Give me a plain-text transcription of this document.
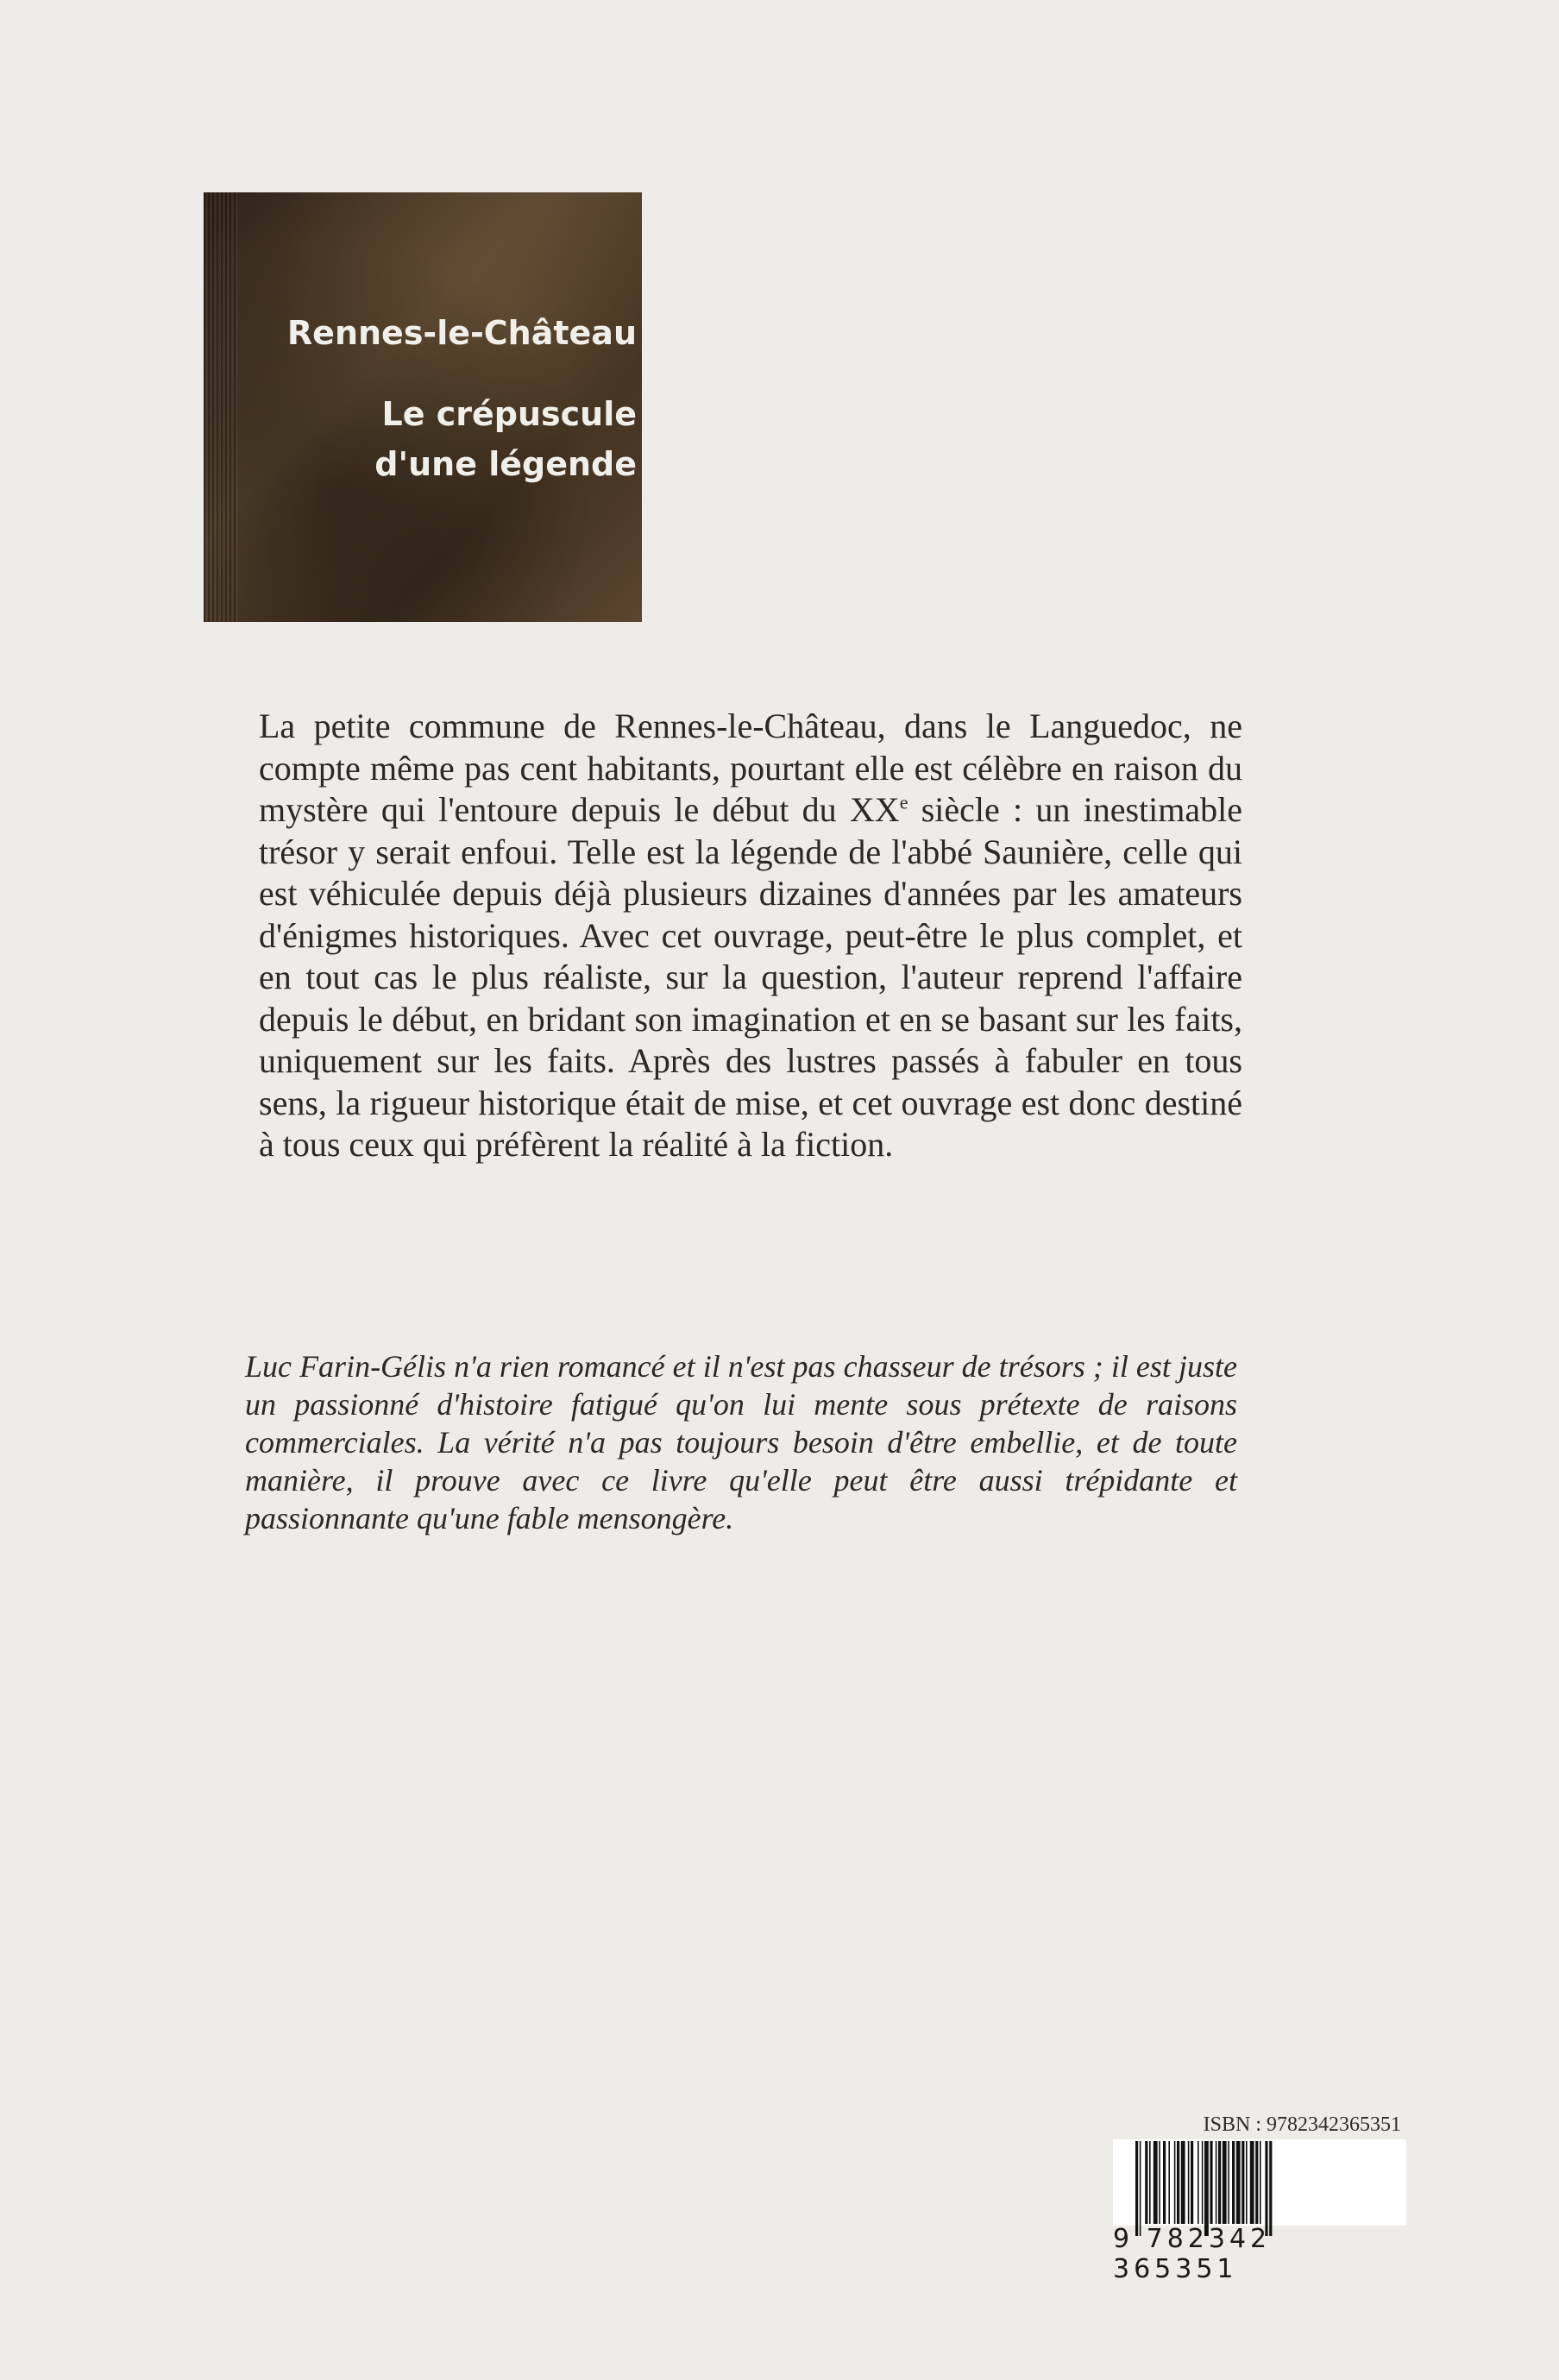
Rennes-le-Château

Le crépuscule
d'une légende

La petite commune de Rennes-le-Château, dans le Languedoc, ne compte même pas cent habitants, pourtant elle est célèbre en raison du mystère qui l'entoure depuis le début du XXe siècle : un inestimable trésor y serait enfoui. Telle est la légende de l'abbé Saunière, celle qui est véhiculée depuis déjà plusieurs dizaines d'années par les amateurs d'énigmes historiques. Avec cet ouvrage, peut-être le plus complet, et en tout cas le plus réaliste, sur la question, l'auteur reprend l'affaire depuis le début, en bridant son imagination et en se basant sur les faits, uniquement sur les faits. Après des lustres passés à fabuler en tous sens, la rigueur historique était de mise, et cet ouvrage est donc destiné à tous ceux qui préfèrent la réalité à la fiction.

Luc Farin-Gélis n'a rien romancé et il n'est pas chasseur de trésors ; il est juste un passionné d'histoire fatigué qu'on lui mente sous prétexte de raisons commerciales. La vérité n'a pas toujours besoin d'être embellie, et de toute manière, il prouve avec ce livre qu'elle peut être aussi trépidante et passionnante qu'une fable mensongère.

ISBN : 9782342365351

9 782342 365351
